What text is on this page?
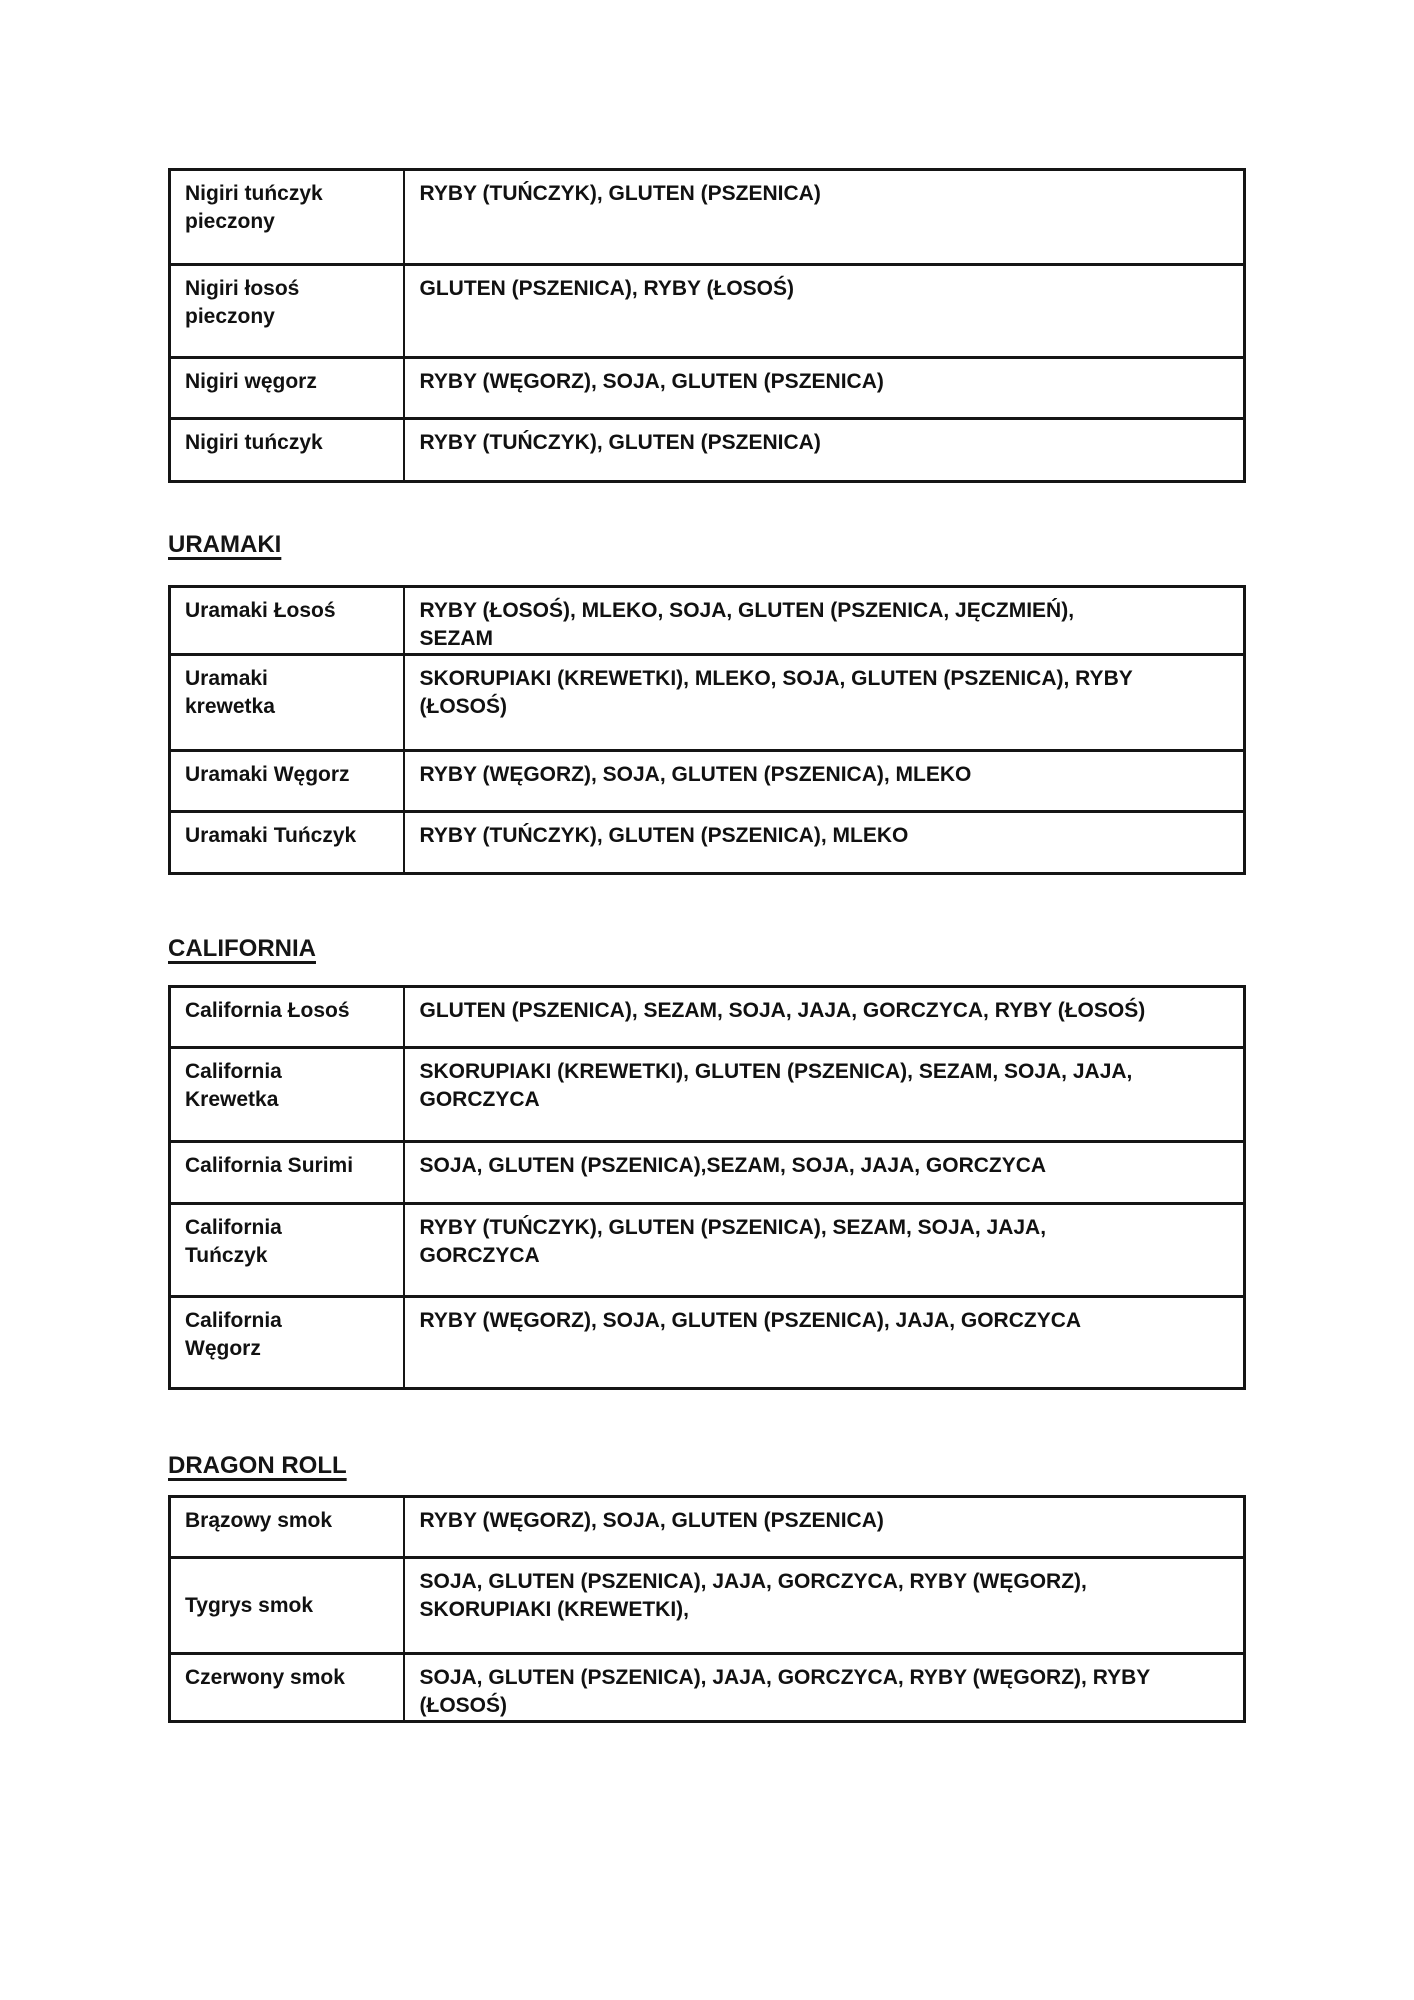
Nigiri tuńczyk pieczony	RYBY (TUŃCZYK), GLUTEN (PSZENICA)
Nigiri łosoś pieczony	GLUTEN (PSZENICA), RYBY (ŁOSOŚ)
Nigiri węgorz	RYBY (WĘGORZ), SOJA, GLUTEN (PSZENICA)
Nigiri tuńczyk	RYBY (TUŃCZYK), GLUTEN (PSZENICA)
URAMAKI
Uramaki Łosoś	RYBY (ŁOSOŚ), MLEKO, SOJA, GLUTEN (PSZENICA, JĘCZMIEŃ), SEZAM
Uramaki krewetka	SKORUPIAKI (KREWETKI), MLEKO, SOJA, GLUTEN (PSZENICA), RYBY (ŁOSOŚ)
Uramaki Węgorz	RYBY (WĘGORZ), SOJA, GLUTEN (PSZENICA), MLEKO
Uramaki Tuńczyk	RYBY (TUŃCZYK), GLUTEN (PSZENICA), MLEKO
CALIFORNIA
California Łosoś	GLUTEN (PSZENICA), SEZAM, SOJA, JAJA, GORCZYCA, RYBY (ŁOSOŚ)
California Krewetka	SKORUPIAKI (KREWETKI), GLUTEN (PSZENICA), SEZAM, SOJA, JAJA, GORCZYCA
California Surimi	SOJA, GLUTEN (PSZENICA),SEZAM, SOJA, JAJA, GORCZYCA
California Tuńczyk	RYBY (TUŃCZYK), GLUTEN (PSZENICA), SEZAM, SOJA, JAJA, GORCZYCA
California Węgorz	RYBY (WĘGORZ), SOJA, GLUTEN (PSZENICA), JAJA, GORCZYCA
DRAGON ROLL
Brązowy smok	RYBY (WĘGORZ), SOJA, GLUTEN (PSZENICA)
Tygrys smok	SOJA, GLUTEN (PSZENICA), JAJA, GORCZYCA, RYBY (WĘGORZ), SKORUPIAKI (KREWETKI),
Czerwony smok	SOJA, GLUTEN (PSZENICA), JAJA, GORCZYCA, RYBY (WĘGORZ), RYBY (ŁOSOŚ)
